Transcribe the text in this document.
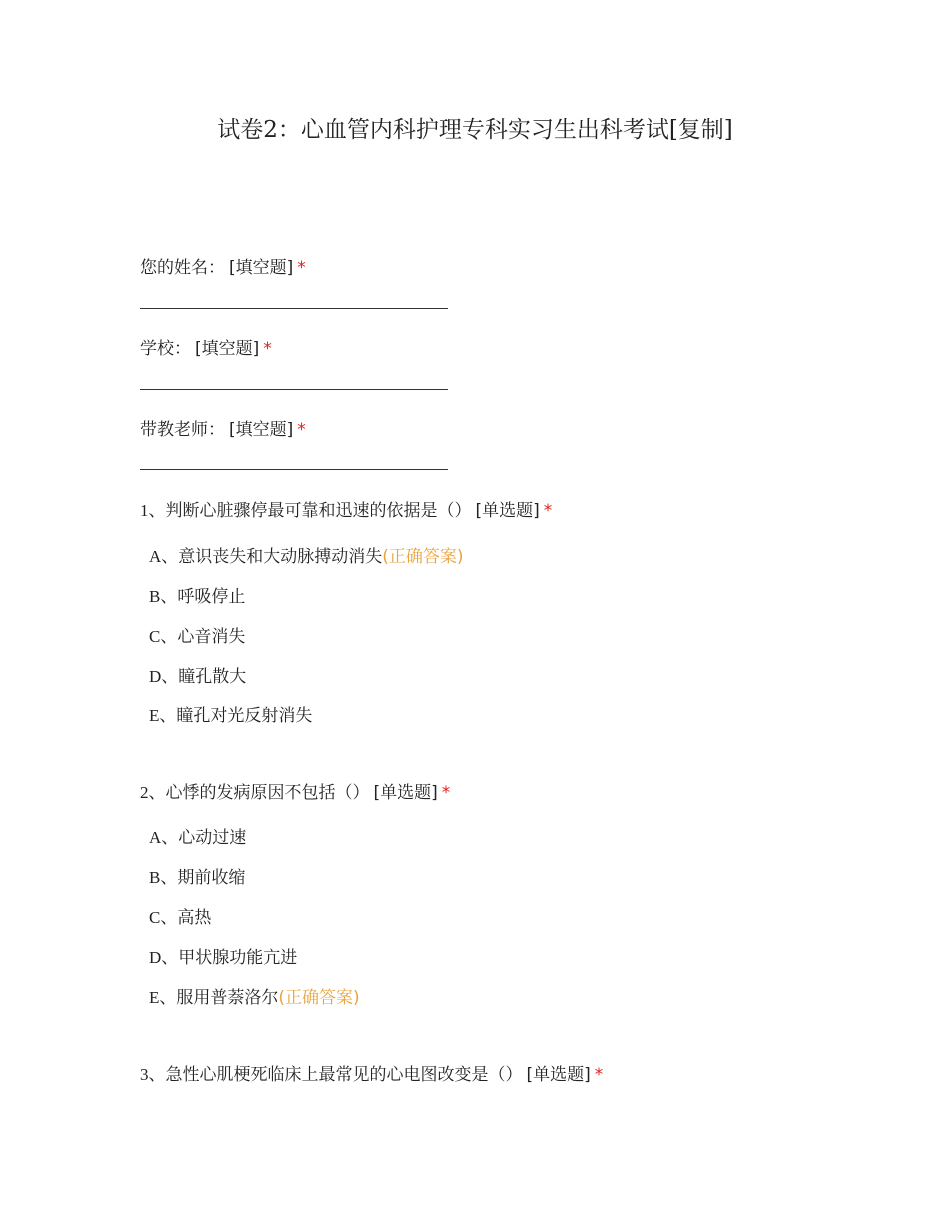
试卷2：心血管内科护理专科实习生出科考试[复制]
您的姓名： [填空题] *
学校： [填空题] *
带教老师： [填空题] *
1、判断心脏骤停最可靠和迅速的依据是（） [单选题] *
A、意识丧失和大动脉搏动消失(正确答案)
B、呼吸停止
C、心音消失
D、瞳孔散大
E、瞳孔对光反射消失
2、心悸的发病原因不包括（） [单选题] *
A、心动过速
B、期前收缩
C、高热
D、甲状腺功能亢进
E、服用普萘洛尔(正确答案)
3、急性心肌梗死临床上最常见的心电图改变是（） [单选题] *
